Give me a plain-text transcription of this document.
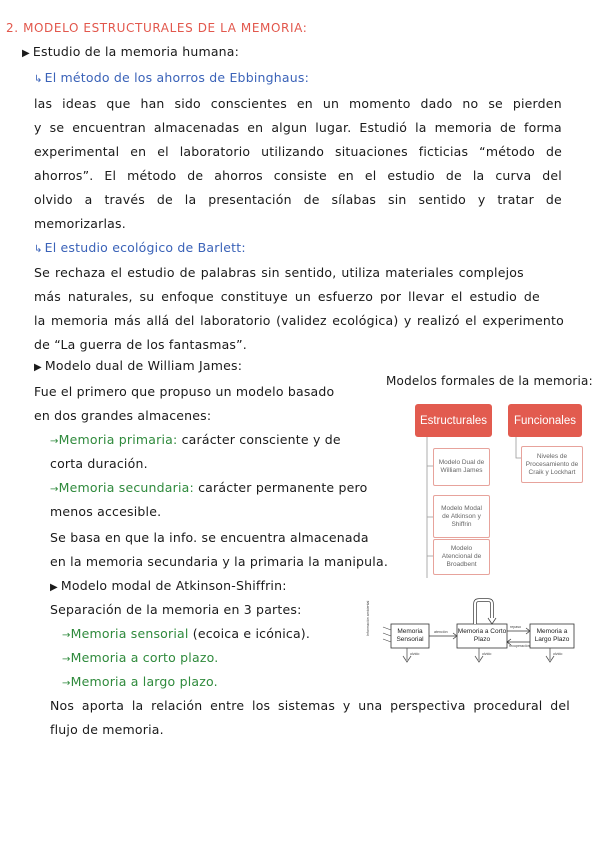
2. MODELO ESTRUCTURALES DE LA MEMORIA:
▶ Estudio de la memoria humana:
↳ El método de los ahorros de Ebbinghaus:
las ideas que han sido conscientes en un momento dado no se pierden
y se encuentran almacenadas en algun lugar. Estudió la memoria de forma
experimental en el laboratorio utilizando situaciones ficticias “método de
ahorros”. El método de ahorros consiste en el estudio de la curva del
olvido a través de la presentación de sílabas sin sentido y tratar de
memorizarlas.
↳ El estudio ecológico de Barlett:
Se rechaza el estudio de palabras sin sentido, utiliza materiales complejos
más naturales, su enfoque constituye un esfuerzo por llevar el estudio de
la memoria más allá del laboratorio (validez ecológica) y realizó el experimento
de “La guerra de los fantasmas”.
▶ Modelo dual de William James:
Fue el primero que propuso un modelo basado
en dos grandes almacenes:
→Memoria primaria: carácter consciente y de
corta duración.
→Memoria secundaria: carácter permanente pero
menos accesible.
Se basa en que la info. se encuentra almacenada
en la memoria secundaria y la primaria la manipula.
▶ Modelo modal de Atkinson-Shiffrin:
Separación de la memoria en 3 partes:
→Memoria sensorial (ecoica e icónica).
→Memoria a corto plazo.
→Memoria a largo plazo.
Nos aporta la relación entre los sistemas y una perspectiva procedural del
flujo de memoria.
Modelos formales de la memoria:
Estructurales	Funcionales
Modelo Dual de William James
Modelo Modal de Atkinson y Shiffrin
Modelo Atencional de Broadbent
Niveles de Procesamiento de Craik y Lockhart
Memoria Sensorial
Memoria a Corto Plazo
Memoria a Largo Plazo
Información ambiental	atención
repaso
recuperación
olvido	olvido	olvido
